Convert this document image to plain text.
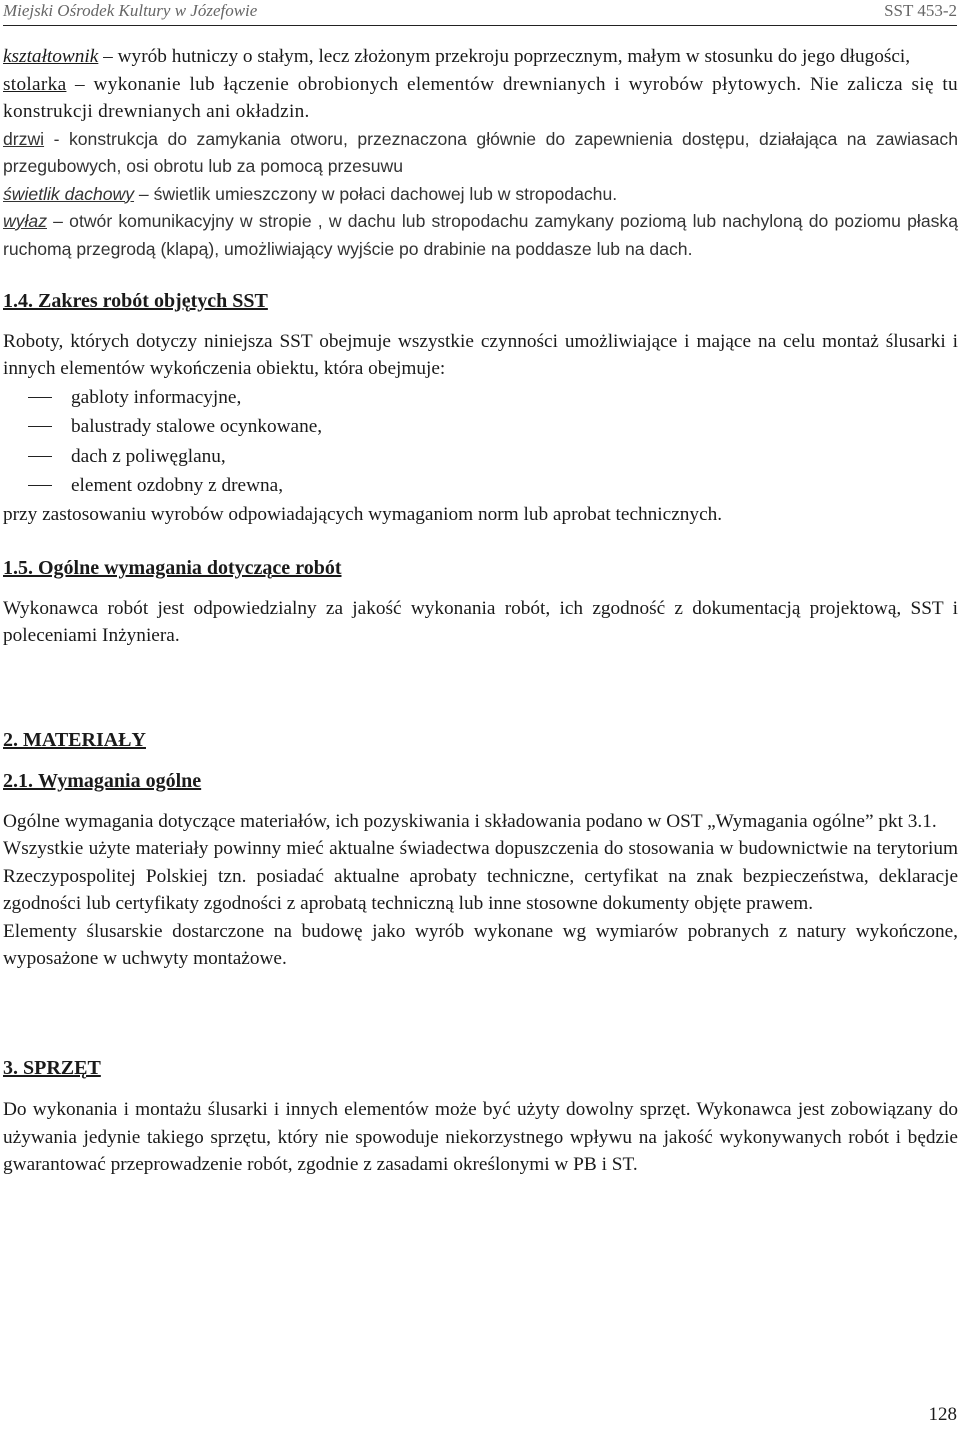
Miejski Ośrodek Kultury w Józefowie	SST 453-2

kształtownik – wyrób hutniczy o stałym, lecz złożonym przekroju poprzecznym, małym w stosunku do jego długości,

stolarka – wykonanie lub łączenie obrobionych elementów drewnianych i wyrobów płytowych. Nie zalicza się tu konstrukcji drewnianych ani okładzin.

drzwi - konstrukcja do zamykania otworu, przeznaczona głównie do zapewnienia dostępu, działająca na zawiasach przegubowych, osi obrotu lub za pomocą przesuwu

świetlik dachowy – świetlik umieszczony w połaci dachowej lub w stropodachu.

wyłaz – otwór komunikacyjny w stropie , w dachu lub stropodachu zamykany poziomą lub nachyloną do poziomu płaską ruchomą przegrodą (klapą), umożliwiający wyjście po drabinie na poddasze lub na dach.

1.4. Zakres robót objętych SST

Roboty, których dotyczy niniejsza SST obejmuje wszystkie czynności umożliwiające i mające na celu montaż ślusarki i innych elementów wykończenia obiektu, która obejmuje:

gabloty informacyjne,
balustrady stalowe ocynkowane,
dach z poliwęglanu,
element ozdobny z drewna,

przy zastosowaniu wyrobów odpowiadających wymaganiom norm lub aprobat technicznych.

1.5. Ogólne wymagania dotyczące robót

Wykonawca robót jest odpowiedzialny za jakość wykonania robót, ich zgodność z dokumentacją projektową, SST i poleceniami Inżyniera.

2. MATERIAŁY

2.1. Wymagania ogólne

Ogólne wymagania dotyczące materiałów, ich pozyskiwania i składowania podano w OST „Wymagania ogólne” pkt 3.1.

Wszystkie użyte materiały powinny mieć aktualne świadectwa dopuszczenia do stosowania w budownictwie na terytorium Rzeczypospolitej Polskiej tzn. posiadać aktualne aprobaty techniczne, certyfikat na znak bezpieczeństwa, deklaracje zgodności lub certyfikaty zgodności z aprobatą techniczną lub inne stosowne dokumenty objęte prawem.

Elementy ślusarskie dostarczone na budowę jako wyrób wykonane wg wymiarów pobranych z natury wykończone, wyposażone w uchwyty montażowe.

3. SPRZĘT

Do wykonania i montażu ślusarki i innych elementów może być użyty dowolny sprzęt. Wykonawca jest zobowiązany do używania jedynie takiego sprzętu, który nie spowoduje niekorzystnego wpływu na jakość wykonywanych robót i będzie gwarantować przeprowadzenie robót, zgodnie z zasadami określonymi w PB i ST.

128
